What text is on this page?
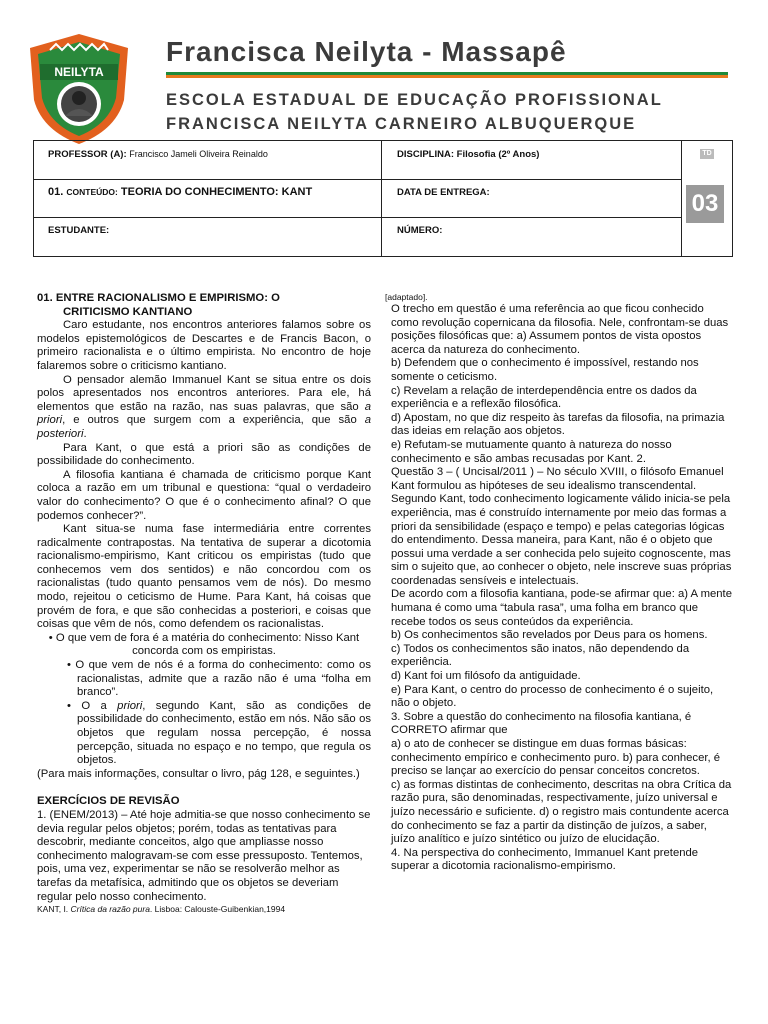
NEILYTA
Francisca Neilyta - Massapê
ESCOLA ESTADUAL DE EDUCAÇÃO PROFISSIONAL
FRANCISCA NEILYTA CARNEIRO ALBUQUERQUE
PROFESSOR (A): Francisco Jameli Oliveira Reinaldo	DISCIPLINA: Filosofia (2º Anos)	TD
01. CONTEÚDO: TEORIA DO CONHECIMENTO: KANT	DATA DE ENTREGA:	03
ESTUDANTE:	NÚMERO:

01. ENTRE RACIONALISMO E EMPIRISMO: O

CRITICISMO KANTIANO

Caro estudante, nos encontros anteriores falamos sobre os modelos epistemológicos de Descartes e de Francis Bacon, o primeiro racionalista e o último empirista. No encontro de hoje falaremos sobre o criticismo kantiano.

O pensador alemão Immanuel Kant se situa entre os dois polos apresentados nos encontros anteriores. Para ele, há elementos que estão na razão, nas suas palavras, que são a priori, e outros que surgem com a experiência, que são a posteriori.

Para Kant, o que está a priori são as condições de possibilidade do conhecimento.

A filosofia kantiana é chamada de criticismo porque Kant coloca a razão em um tribunal e questiona: “qual o verdadeiro valor do conhecimento? O que é o conhecimento afinal? O que podemos conhecer?”.

Kant situa-se numa fase intermediária entre correntes radicalmente contrapostas. Na tentativa de superar a dicotomia racionalismo-empirismo, Kant criticou os empiristas (tudo que conhecemos vem dos sentidos) e não concordou com os racionalistas (tudo quanto pensamos vem de nós). Do mesmo modo, rejeitou o ceticismo de Hume. Para Kant, há coisas que provém de fora, e que são conhecidas a posteriori, e coisas que coisas que vêm de nós, como defendem os racionalistas.

• O que vem de fora é a matéria do conhecimento: Nisso Kant concorda com os empiristas.

• O que vem de nós é a forma do conhecimento: como os racionalistas, admite que a razão não é uma “folha em branco”.

• O a priori, segundo Kant, são as condições de possibilidade do conhecimento, estão em nós. Não são os objetos que regulam nossa percepção, é nossa percepção, situada no espaço e no tempo, que regula os objetos.

(Para mais informações, consultar o livro, pág 128, e seguintes.)

EXERCÍCIOS DE REVISÃO

1. (ENEM/2013) – Até hoje admitia-se que nosso conhecimento se devia regular pelos objetos; porém, todas as tentativas para descobrir, mediante conceitos, algo que ampliasse nosso conhecimento malogravam-se com esse pressuposto. Tentemos, pois, uma vez, experimentar se não se resolverão melhor as tarefas da metafísica, admitindo que os objetos se deveriam regular pelo nosso conhecimento.

KANT, I. Crítica da razão pura. Lisboa: Calouste-Guibenkian,1994

[adaptado].

O trecho em questão é uma referência ao que ficou conhecido como revolução copernicana da filosofia. Nele, confrontam-se duas posições filosóficas que: a) Assumem pontos de vista opostos acerca da natureza do conhecimento.

b) Defendem que o conhecimento é impossível, restando nos somente o ceticismo.

c) Revelam a relação de interdependência entre os dados da experiência e a reflexão filosófica.

d) Apostam, no que diz respeito às tarefas da filosofia, na primazia das ideias em relação aos objetos.

e) Refutam-se mutuamente quanto à natureza do nosso conhecimento e são ambas recusadas por Kant. 2.

Questão 3 – ( Uncisal/2011 ) – No século XVIII, o filósofo Emanuel Kant formulou as hipóteses de seu idealismo transcendental. Segundo Kant, todo conhecimento logicamente válido inicia-se pela experiência, mas é construído internamente por meio das formas a priori da sensibilidade (espaço e tempo) e pelas categorias lógicas do entendimento. Dessa maneira, para Kant, não é o objeto que possui uma verdade a ser conhecida pelo sujeito cognoscente, mas sim o sujeito que, ao conhecer o objeto, nele inscreve suas próprias coordenadas sensíveis e intelectuais.

De acordo com a filosofia kantiana, pode-se afirmar que: a) A mente humana é como uma “tabula rasa”, uma folha em branco que recebe todos os seus conteúdos da experiência.

b) Os conhecimentos são revelados por Deus para os homens.

c) Todos os conhecimentos são inatos, não dependendo da experiência.

d) Kant foi um filósofo da antiguidade.

e) Para Kant, o centro do processo de conhecimento é o sujeito, não o objeto.

3. Sobre a questão do conhecimento na filosofia kantiana, é CORRETO afirmar que

a) o ato de conhecer se distingue em duas formas básicas: conhecimento empírico e conhecimento puro. b) para conhecer, é preciso se lançar ao exercício do pensar conceitos concretos.

c) as formas distintas de conhecimento, descritas na obra Crítica da razão pura, são denominadas, respectivamente, juízo universal e juízo necessário e suficiente. d) o registro mais contundente acerca do conhecimento se faz a partir da distinção de juízos, a saber, juízo analítico e juízo sintético ou juízo de elucidação.

4. Na perspectiva do conhecimento, Immanuel Kant pretende superar a dicotomia racionalismo-empirismo.
